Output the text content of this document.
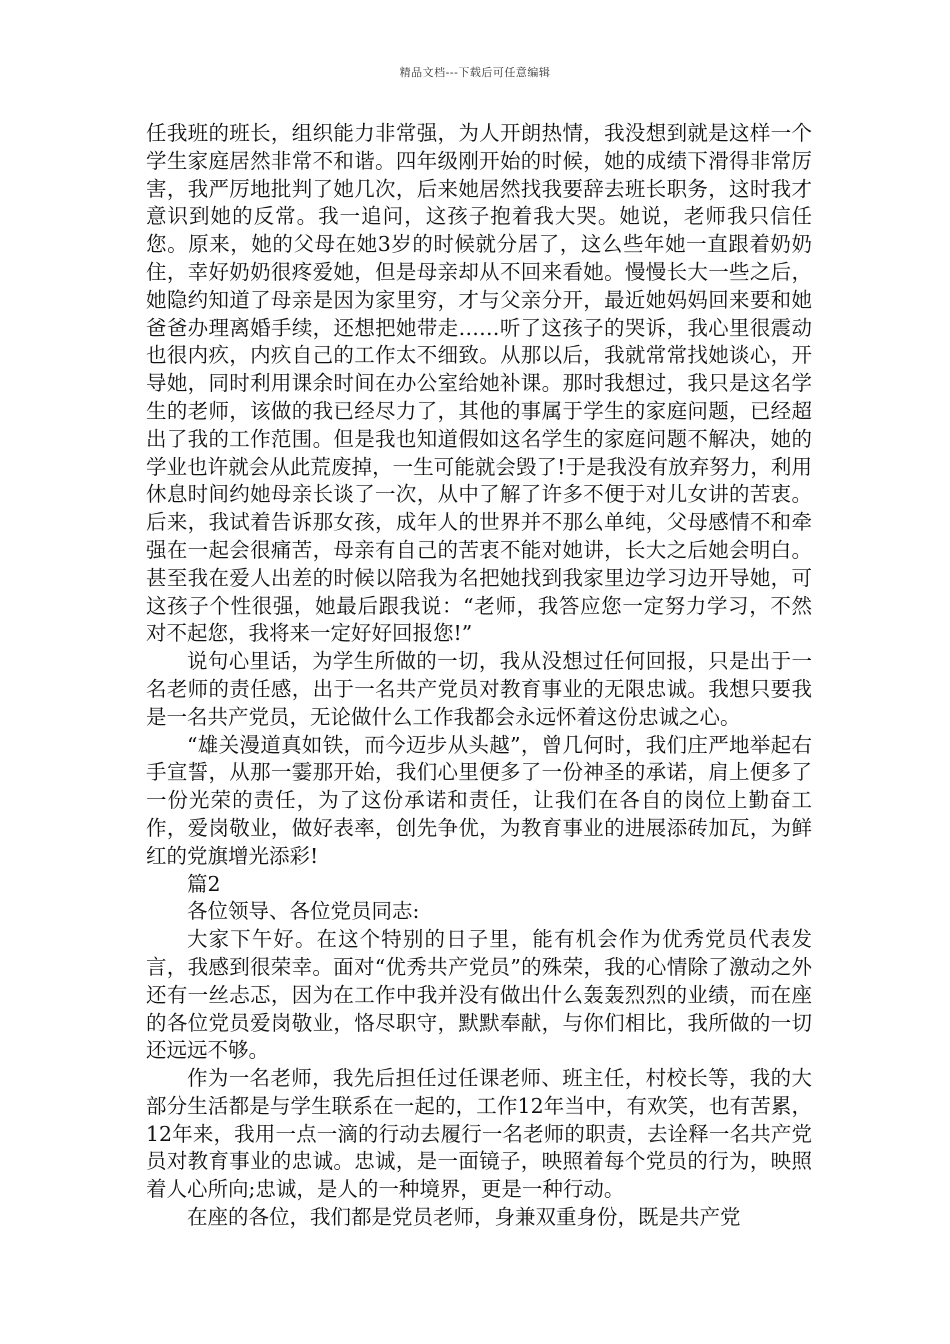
精品文档---下载后可任意编辑

任我班的班长，组织能力非常强，为人开朗热情，我没想到就是这样一个学生家庭居然非常不和谐。四年级刚开始的时候，她的成绩下滑得非常厉害，我严厉地批判了她几次，后来她居然找我要辞去班长职务，这时我才意识到她的反常。我一追问，这孩子抱着我大哭。她说，老师我只信任您。原来，她的父母在她3岁的时候就分居了，这么些年她一直跟着奶奶住，幸好奶奶很疼爱她，但是母亲却从不回来看她。慢慢长大一些之后，她隐约知道了母亲是因为家里穷，才与父亲分开，最近她妈妈回来要和她爸爸办理离婚手续，还想把她带走……听了这孩子的哭诉，我心里很震动也很内疚，内疚自己的工作太不细致。从那以后，我就常常找她谈心，开导她，同时利用课余时间在办公室给她补课。那时我想过，我只是这名学生的老师，该做的我已经尽力了，其他的事属于学生的家庭问题，已经超出了我的工作范围。但是我也知道假如这名学生的家庭问题不解决，她的学业也许就会从此荒废掉，一生可能就会毁了!于是我没有放弃努力，利用休息时间约她母亲长谈了一次，从中了解了许多不便于对儿女讲的苦衷。后来，我试着告诉那女孩，成年人的世界并不那么单纯，父母感情不和牵强在一起会很痛苦，母亲有自己的苦衷不能对她讲，长大之后她会明白。甚至我在爱人出差的时候以陪我为名把她找到我家里边学习边开导她，可这孩子个性很强，她最后跟我说：“老师，我答应您一定努力学习，不然对不起您，我将来一定好好回报您!”

说句心里话，为学生所做的一切，我从没想过任何回报，只是出于一名老师的责任感，出于一名共产党员对教育事业的无限忠诚。我想只要我是一名共产党员，无论做什么工作我都会永远怀着这份忠诚之心。

“雄关漫道真如铁，而今迈步从头越”，曾几何时，我们庄严地举起右手宣誓，从那一霎那开始，我们心里便多了一份神圣的承诺，肩上便多了一份光荣的责任，为了这份承诺和责任，让我们在各自的岗位上勤奋工作，爱岗敬业，做好表率，创先争优，为教育事业的进展添砖加瓦，为鲜红的党旗增光添彩!

篇2

各位领导、各位党员同志:

大家下午好。在这个特别的日子里，能有机会作为优秀党员代表发言，我感到很荣幸。面对“优秀共产党员”的殊荣，我的心情除了激动之外还有一丝忐忑，因为在工作中我并没有做出什么轰轰烈烈的业绩，而在座的各位党员爱岗敬业，恪尽职守，默默奉献，与你们相比，我所做的一切还远远不够。

作为一名老师，我先后担任过任课老师、班主任，村校长等，我的大部分生活都是与学生联系在一起的，工作12年当中，有欢笑，也有苦累，12年来，我用一点一滴的行动去履行一名老师的职责，去诠释一名共产党员对教育事业的忠诚。忠诚，是一面镜子，映照着每个党员的行为，映照着人心所向;忠诚，是人的一种境界，更是一种行动。

在座的各位，我们都是党员老师，身兼双重身份，既是共产党
